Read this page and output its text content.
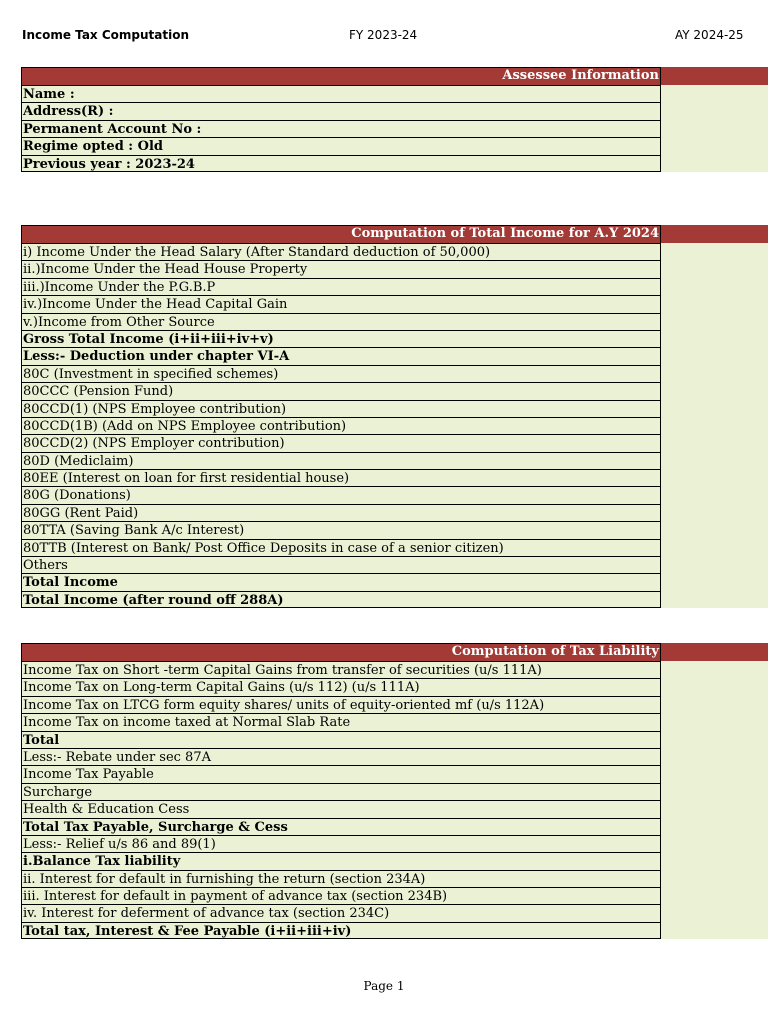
Income Tax Computation	FY 2023-24	AY 2024-25
Assessee Information
Name :
Address(R) :
Permanent Account No :
Regime opted : Old
Previous year : 2023-24
Computation of Total Income for A.Y 2024
i) Income Under the Head Salary (After Standard deduction of 50,000)
ii.)Income Under the Head House Property
iii.)Income Under the P.G.B.P
iv.)Income Under the Head Capital Gain
v.)Income from Other Source
Gross Total Income (i+ii+iii+iv+v)
Less:- Deduction under chapter VI-A
80C (Investment in specified schemes)
80CCC (Pension Fund)
80CCD(1) (NPS Employee contribution)
80CCD(1B) (Add on NPS Employee contribution)
80CCD(2) (NPS Employer contribution)
80D (Mediclaim)
80EE (Interest on loan for first residential house)
80G (Donations)
80GG (Rent Paid)
80TTA (Saving Bank A/c Interest)
80TTB (Interest on Bank/ Post Office Deposits in case of a senior citizen)
Others
Total Income
Total Income (after round off 288A)
Computation of Tax Liability
Income Tax on Short -term Capital Gains from transfer of securities (u/s 111A)
Income Tax on Long-term Capital Gains (u/s 112) (u/s 111A)
Income Tax on LTCG form equity shares/ units of equity-oriented mf (u/s 112A)
Income Tax on income taxed at Normal Slab Rate
Total
Less:- Rebate under sec 87A
Income Tax Payable
Surcharge
Health & Education Cess
Total Tax Payable, Surcharge & Cess
Less:- Relief u/s 86 and 89(1)
i.Balance Tax liability
ii. Interest for default in furnishing the return (section 234A)
iii. Interest for default in payment of advance tax (section 234B)
iv. Interest for deferment of advance tax (section 234C)
Total tax, Interest & Fee Payable (i+ii+iii+iv)
Page 1
